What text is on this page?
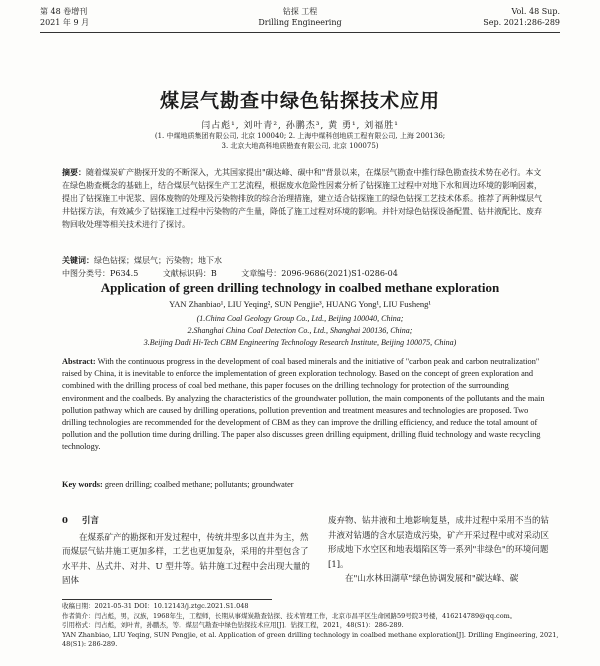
第 48 卷增刊
2021 年 9 月
钻探 工程
Drilling Engineering
Vol. 48 Sup.
Sep. 2021:286-289
煤层气勘查中绿色钻探技术应用
闫占彪¹, 刘叶青², 孙鹏杰³, 黄 勇¹, 刘福胜¹
(1. 中煤地质集团有限公司, 北京 100040; 2. 上海中煤科创地质工程有限公司, 上海 200136;
3. 北京大地高科地质勘查有限公司, 北京 100075)
摘要：随着煤炭矿产勘探开发的不断深入，尤其国家提出"碳达峰、碳中和"背景以来，在煤层气勘查中推行绿色勘查技术势在必行。本文在绿色勘查概念的基础上，结合煤层气钻探生产工艺流程，根据废水危险性因素分析了钻探施工过程中对地下水和周边环境的影响因素，提出了钻探施工中泥浆、固体废物的处理及污染物排放的综合治理措施，建立适合钻探施工的绿色钻探工艺技术体系。推荐了两种煤层气井钻探方法，有效减少了钻探施工过程中污染物的产生量，降低了施工过程对环境的影响。并针对绿色钻探设备配置、钻井液配比、废弃物回收处理等相关技术进行了探讨。
关键词：绿色钻探；煤层气；污染物；地下水
中图分类号：P634.5	文献标识码：B	文章编号：2096-9686(2021)S1-0286-04
Application of green drilling technology in coalbed methane exploration
YAN Zhanbiao¹, LIU Yeqing², SUN Pengjie³, HUANG Yong¹, LIU Fusheng¹
(1.China Coal Geology Group Co., Ltd., Beijing 100040, China;
2.Shanghai China Coal Detection Co., Ltd., Shanghai 200136, China;
3.Beijing Dadi Hi-Tech CBM Engineering Technology Research Institute, Beijing 100075, China)
Abstract: With the continuous progress in the development of coal based minerals and the initiative of "carbon peak and carbon neutralization" raised by China, it is inevitable to enforce the implementation of green exploration technology. Based on the concept of green exploration and combined with the drilling process of coal bed methane, this paper focuses on the drilling technology for protection of the surrounding environment and the coalbeds. By analyzing the characteristics of the groundwater pollution, the main components of the pollutants and the main pollution pathway which are caused by drilling operations, pollution prevention and treatment measures and technologies are proposed. Two drilling technologies are recommended for the development of CBM as they can improve the drilling efficiency, and reduce the total amount of pollution and the pollution time during drilling. The paper also discusses green drilling equipment, drilling fluid technology and waste recycling technology.
Key words: green drilling; coalbed methane; pollutants; groundwater
0 引言
在煤系矿产的勘探和开发过程中，传统井型多以直井为主，然而煤层气钻井施工更加多样，工艺也更加复杂，采用的井型包含了水平井、丛式井、对井、U 型井等。钻井施工过程中会出现大量的固体
废弃物、钻井液和土地影响复垦，成井过程中采用不当的钻井液对钻遇的含水层造成污染，矿产开采过程中或对采动区形成地下水空区和地表塌陷区等一系列"非绿色"的环境问题[1]。
在"山水林田湖草"绿色协调发展和"碳达峰、碳

收稿日期：2021-05-31 DOI：10.12143/j.ztgc.2021.S1.048

作者简介：闫占彪，男，汉族，1968年生，工程师，长期从事煤炭勘查钻探、技术管理工作，北京市昌平区生命园路59号院3号楼，416214789@qq.com。

引用格式：闫占彪，刘叶青，孙鹏杰，等．煤层气勘查中绿色钻探技术应用[J]．钻探工程，2021，48(S1)：286-289.

YAN Zhanbiao, LIU Yeqing, SUN Pengjie, et al. Application of green drilling technology in coalbed methane exploration[J]. Drilling Engineering, 2021, 48(S1): 286-289.
